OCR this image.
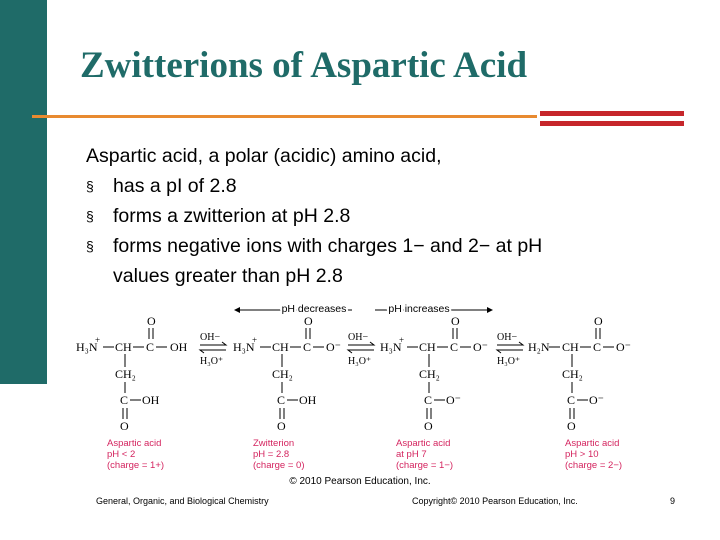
Zwitterions of Aspartic Acid
Aspartic acid, a polar (acidic) amino acid,
§ has a pI of 2.8
§ forms a zwitterion at pH 2.8
§ forms negative ions with charges 1− and 2− at pH
values greater than pH 2.8
pH decreases	pH increases
H₃N
+ CH C OH
O
CH₂
C OH
O
OH−
H₃O⁺
H₃N
+ CH C O⁻
O
CH₂
C OH
O
OH−
H₃O⁺
H₃N
+ CH C O⁻
O
CH₂
C O⁻
O
OH−
H₃O⁺
H₂N CH C O⁻
O
CH₂
C O⁻
O
Aspartic acid
pH < 2
(charge = 1+)
Zwitterion
pH = 2.8
(charge = 0)
Aspartic acid
at pH 7
(charge = 1−)
Aspartic acid
pH > 10
(charge = 2−)
© 2010 Pearson Education, Inc.
General, Organic, and Biological Chemistry	Copyright© 2010 Pearson Education, Inc.	9
